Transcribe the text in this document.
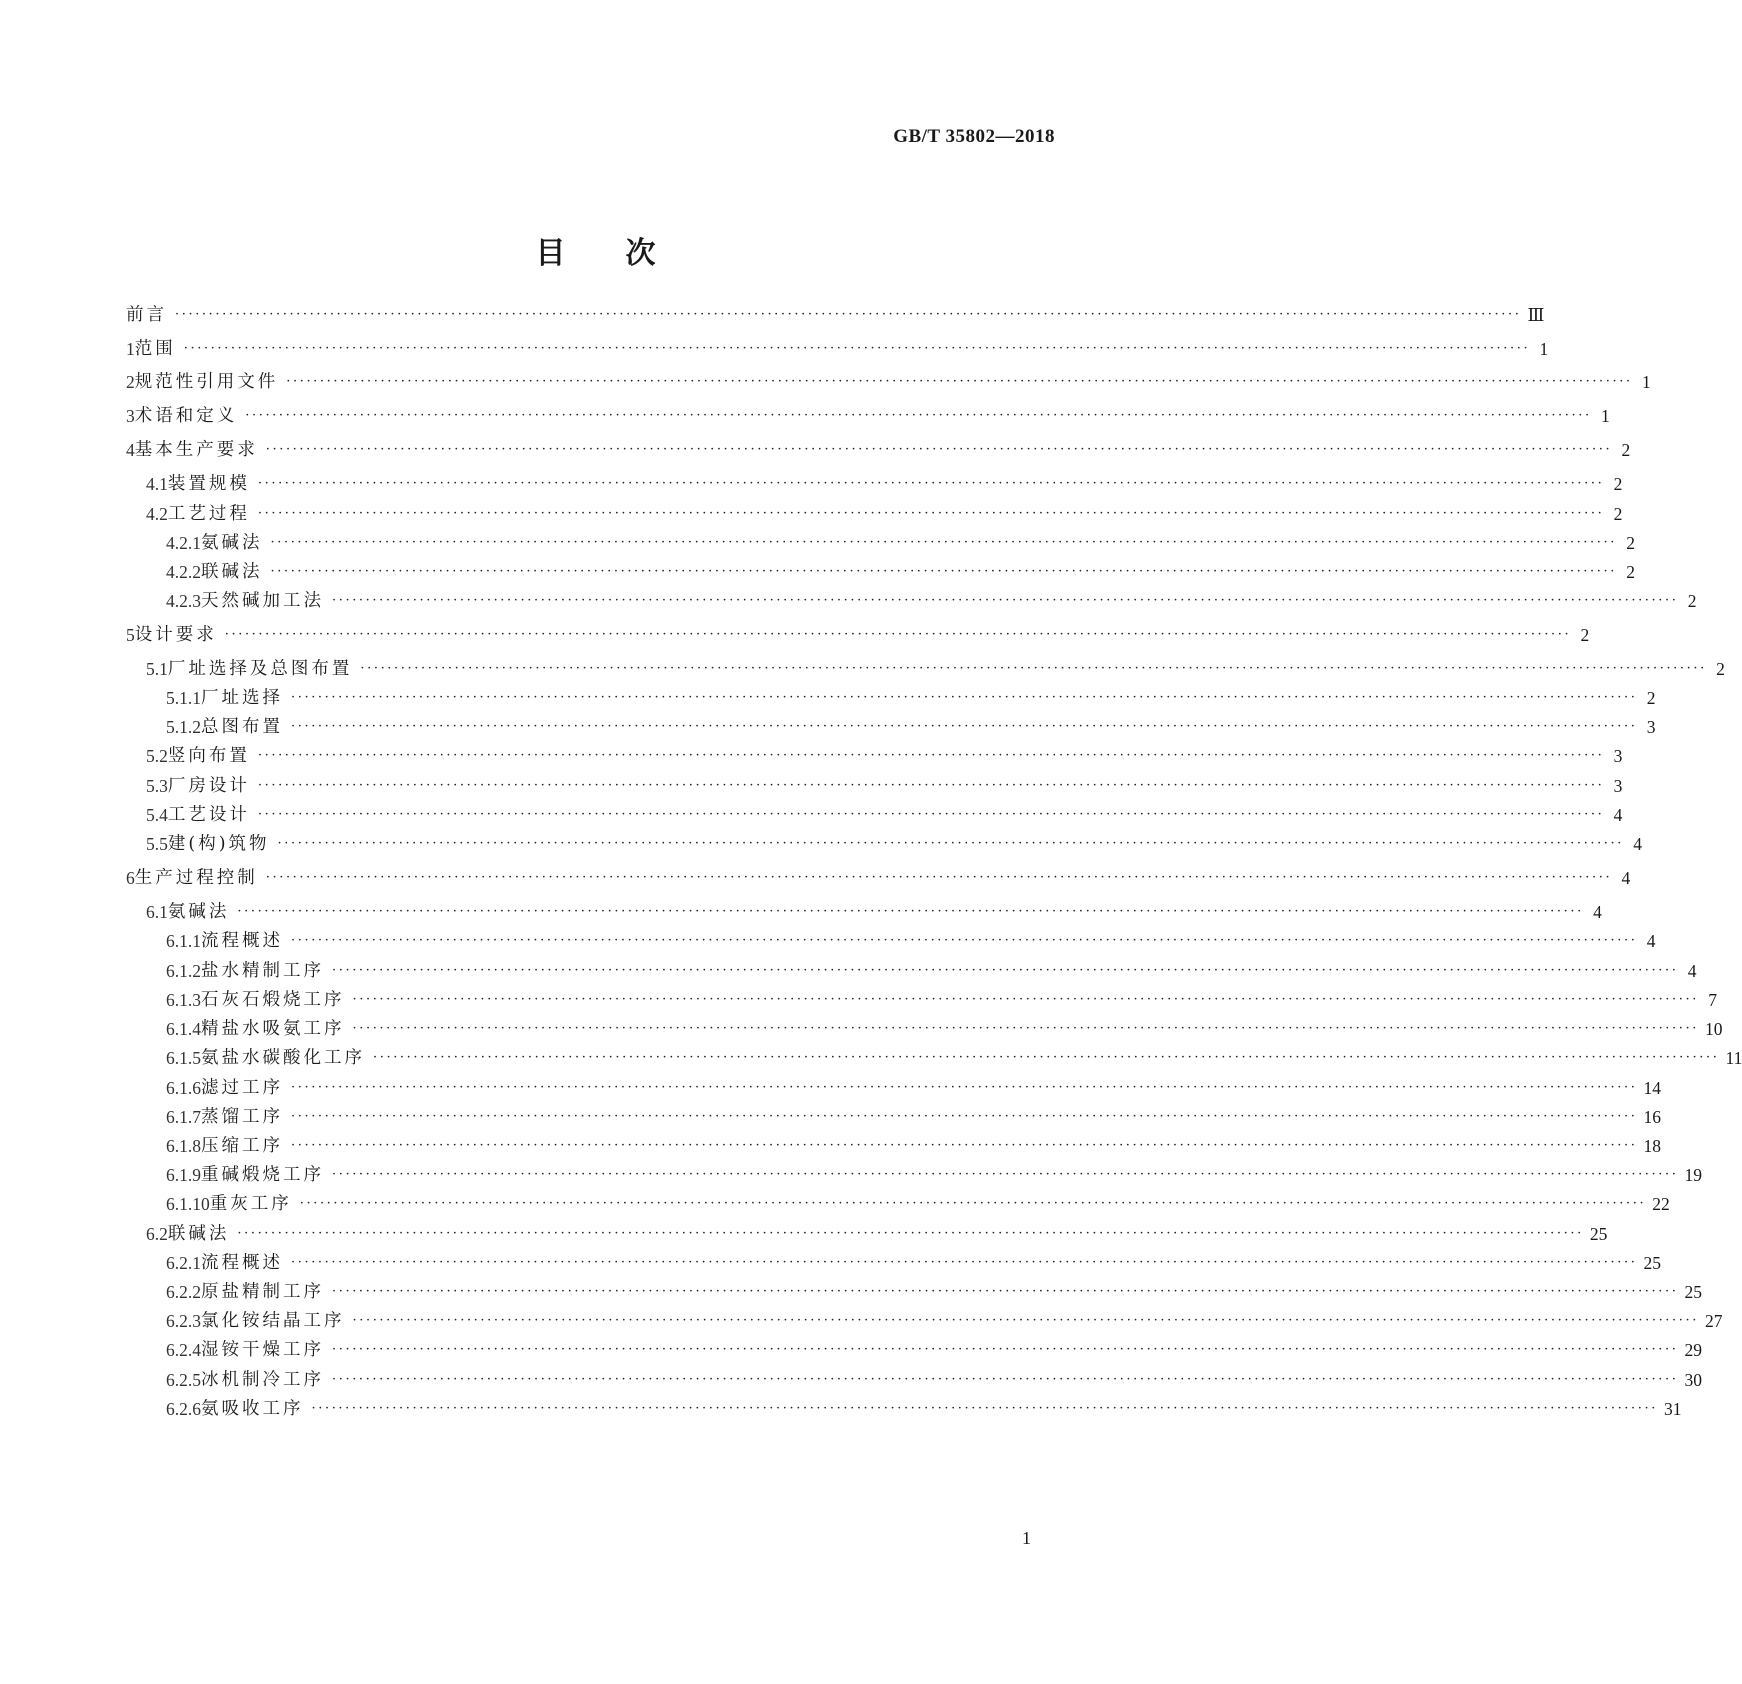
GB/T 35802—2018
目次
前言 ········································································································································································································ Ⅲ
1 范围 ········································································································································································································ 1
2 规范性引用文件 ········································································································································································································ 1
3 术语和定义 ········································································································································································································ 1
4 基本生产要求 ········································································································································································································ 2
4.1 装置规模 ········································································································································································································ 2
4.2 工艺过程 ········································································································································································································ 2
4.2.1 氨碱法 ········································································································································································································ 2
4.2.2 联碱法 ········································································································································································································ 2
4.2.3 天然碱加工法 ········································································································································································································ 2
5 设计要求 ········································································································································································································ 2
5.1 厂址选择及总图布置 ········································································································································································································ 2
5.1.1 厂址选择 ········································································································································································································ 2
5.1.2 总图布置 ········································································································································································································ 3
5.2 竖向布置 ········································································································································································································ 3
5.3 厂房设计 ········································································································································································································ 3
5.4 工艺设计 ········································································································································································································ 4
5.5 建(构)筑物 ········································································································································································································ 4
6 生产过程控制 ········································································································································································································ 4
6.1 氨碱法 ········································································································································································································ 4
6.1.1 流程概述 ········································································································································································································ 4
6.1.2 盐水精制工序 ········································································································································································································ 4
6.1.3 石灰石煅烧工序 ········································································································································································································ 7
6.1.4 精盐水吸氨工序 ········································································································································································································ 10
6.1.5 氨盐水碳酸化工序 ········································································································································································································ 11
6.1.6 滤过工序 ········································································································································································································ 14
6.1.7 蒸馏工序 ········································································································································································································ 16
6.1.8 压缩工序 ········································································································································································································ 18
6.1.9 重碱煅烧工序 ········································································································································································································ 19
6.1.10 重灰工序 ········································································································································································································ 22
6.2 联碱法 ········································································································································································································ 25
6.2.1 流程概述 ········································································································································································································ 25
6.2.2 原盐精制工序 ········································································································································································································ 25
6.2.3 氯化铵结晶工序 ········································································································································································································ 27
6.2.4 湿铵干燥工序 ········································································································································································································ 29
6.2.5 冰机制冷工序 ········································································································································································································ 30
6.2.6 氨吸收工序 ········································································································································································································ 31
1
